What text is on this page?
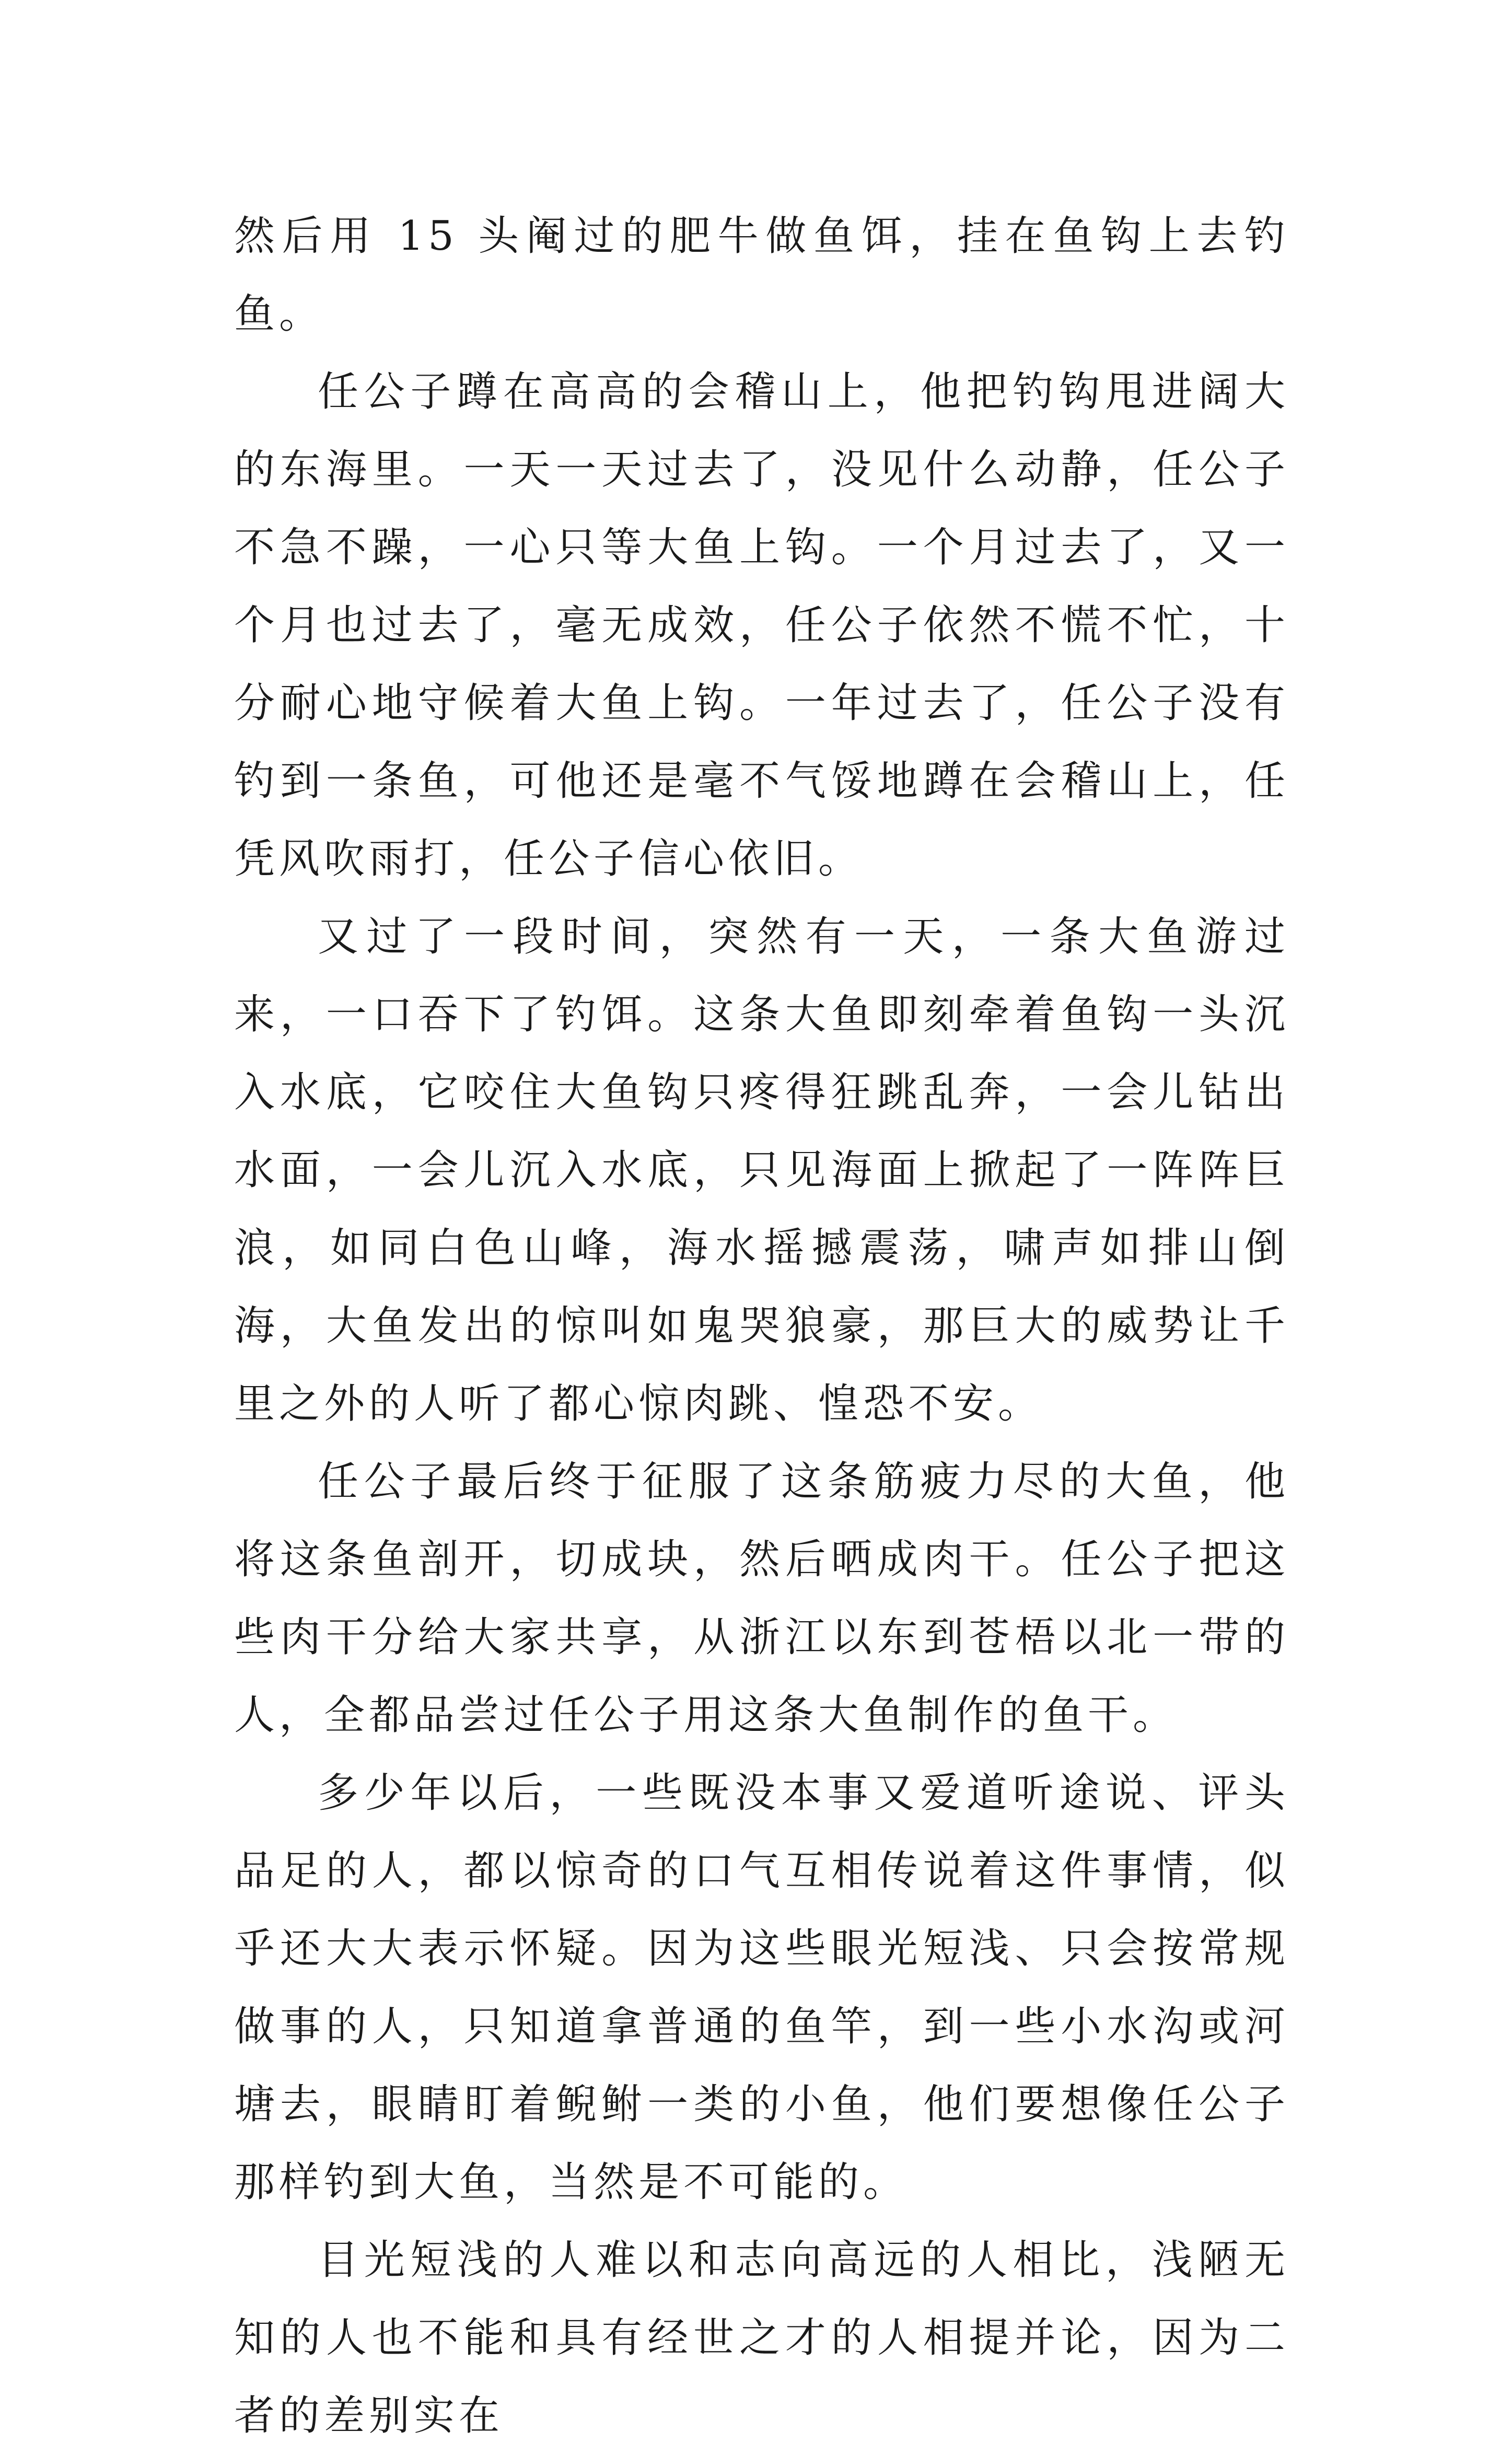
然后用 15 头阉过的肥牛做鱼饵，挂在鱼钩上去钓鱼。

任公子蹲在高高的会稽山上，他把钓钩甩进阔大的东海里。一天一天过去了，没见什么动静，任公子不急不躁，一心只等大鱼上钩。一个月过去了，又一个月也过去了，毫无成效，任公子依然不慌不忙，十分耐心地守候着大鱼上钩。一年过去了，任公子没有钓到一条鱼，可他还是毫不气馁地蹲在会稽山上，任凭风吹雨打，任公子信心依旧。

又过了一段时间，突然有一天，一条大鱼游过来，一口吞下了钓饵。这条大鱼即刻牵着鱼钩一头沉入水底，它咬住大鱼钩只疼得狂跳乱奔，一会儿钻出水面，一会儿沉入水底，只见海面上掀起了一阵阵巨浪，如同白色山峰，海水摇撼震荡，啸声如排山倒海，大鱼发出的惊叫如鬼哭狼豪，那巨大的威势让千里之外的人听了都心惊肉跳、惶恐不安。

任公子最后终于征服了这条筋疲力尽的大鱼，他将这条鱼剖开，切成块，然后晒成肉干。任公子把这些肉干分给大家共享，从浙江以东到苍梧以北一带的人，全都品尝过任公子用这条大鱼制作的鱼干。

多少年以后，一些既没本事又爱道听途说、评头品足的人，都以惊奇的口气互相传说着这件事情，似乎还大大表示怀疑。因为这些眼光短浅、只会按常规做事的人，只知道拿普通的鱼竿，到一些小水沟或河塘去，眼睛盯着鲵鲋一类的小鱼，他们要想像任公子那样钓到大鱼，当然是不可能的。

目光短浅的人难以和志向高远的人相比，浅陋无知的人也不能和具有经世之才的人相提并论，因为二者的差别实在
